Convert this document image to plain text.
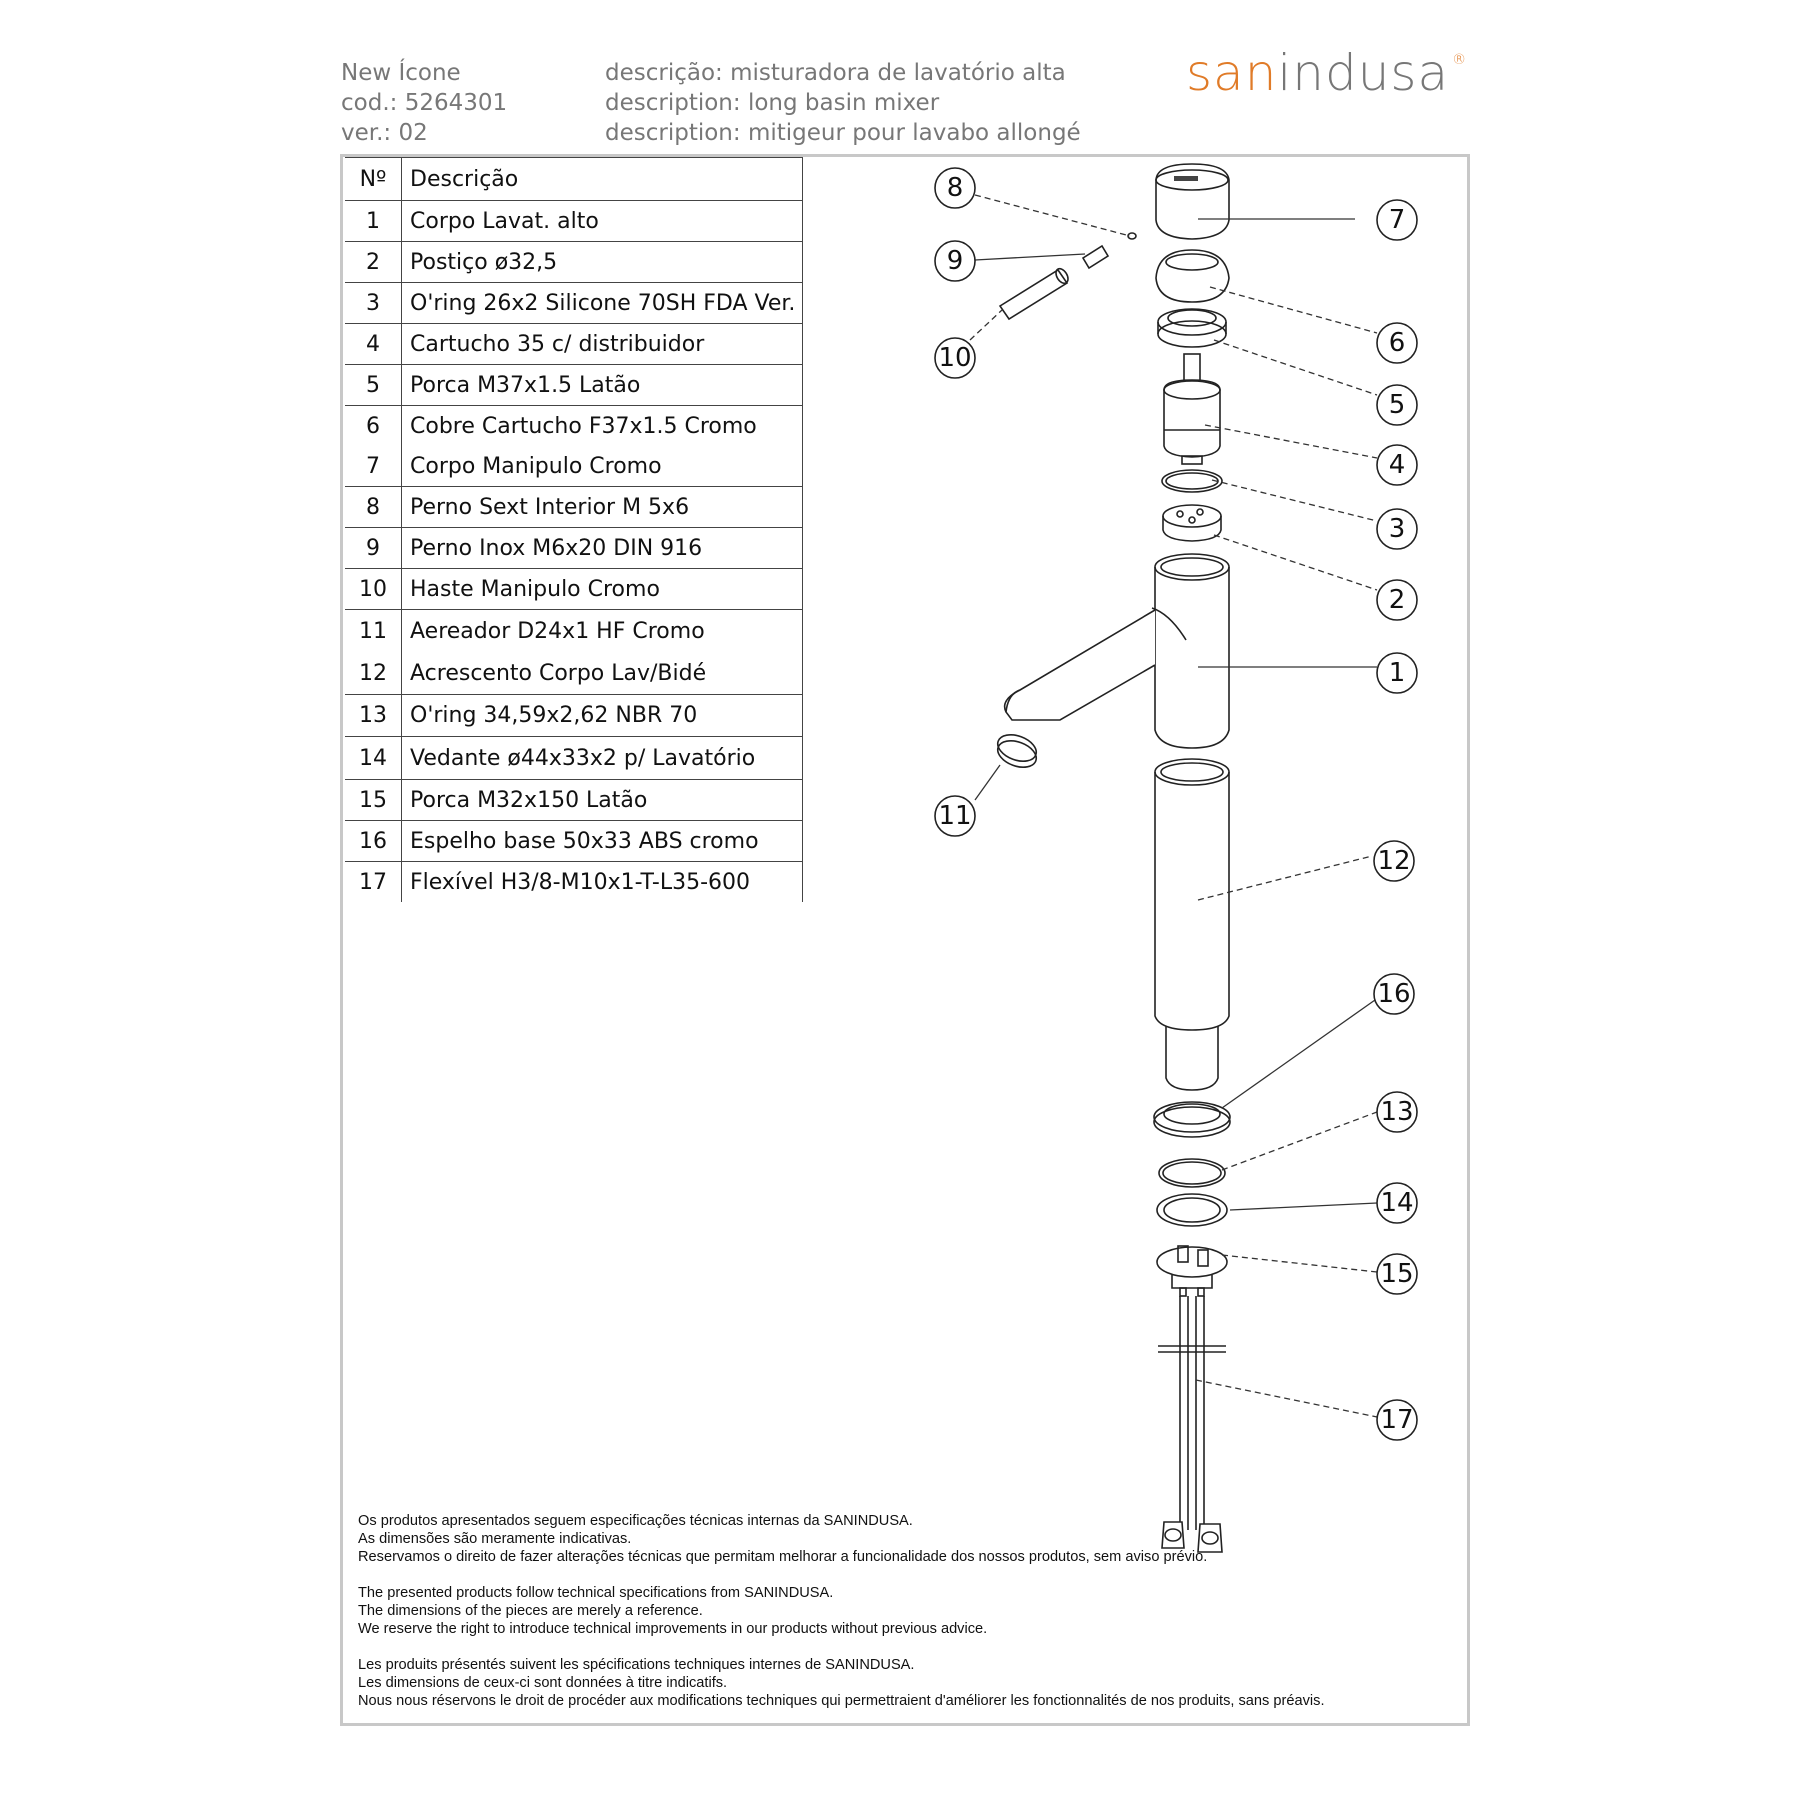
New Ícone
cod.: 5264301
ver.: 02
descrição: misturadora de lavatório alta
description: long basin mixer
description: mitigeur pour lavabo allongé
sanindusa ®
Nº	Descrição
1	Corpo Lavat. alto
2	Postiço ø32,5
3	O'ring 26x2 Silicone 70SH FDA Ver.
4	Cartucho 35 c/ distribuidor
5	Porca M37x1.5 Latão
6	Cobre Cartucho F37x1.5 Cromo
7	Corpo Manipulo Cromo
8	Perno Sext Interior M 5x6
9	Perno Inox M6x20 DIN 916
10	Haste Manipulo Cromo
11	Aereador D24x1 HF Cromo
12	Acrescento Corpo Lav/Bidé
13	O'ring 34,59x2,62 NBR 70
14	Vedante ø44x33x2 p/ Lavatório
15	Porca M32x150 Latão
16	Espelho base 50x33 ABS cromo
17	Flexível H3/8-M10x1-T-L35-600
8
9
10
11
7
6
5
4
3
2
1
12
16
13
14
15
17

Os produtos apresentados seguem especificações técnicas internas da SANINDUSA.
As dimensões são meramente indicativas.
Reservamos o direito de fazer alterações técnicas que permitam melhorar a funcionalidade dos nossos produtos, sem aviso prévio.

The presented products follow technical specifications from SANINDUSA.
The dimensions of the pieces are merely a reference.
We reserve the right to introduce technical improvements in our products without previous advice.

Les produits présentés suivent les spécifications techniques internes de SANINDUSA.
Les dimensions de ceux-ci sont données à titre indicatifs.
Nous nous réservons le droit de procéder aux modifications techniques qui permettraient d'améliorer les fonctionnalités de nos produits, sans préavis.
